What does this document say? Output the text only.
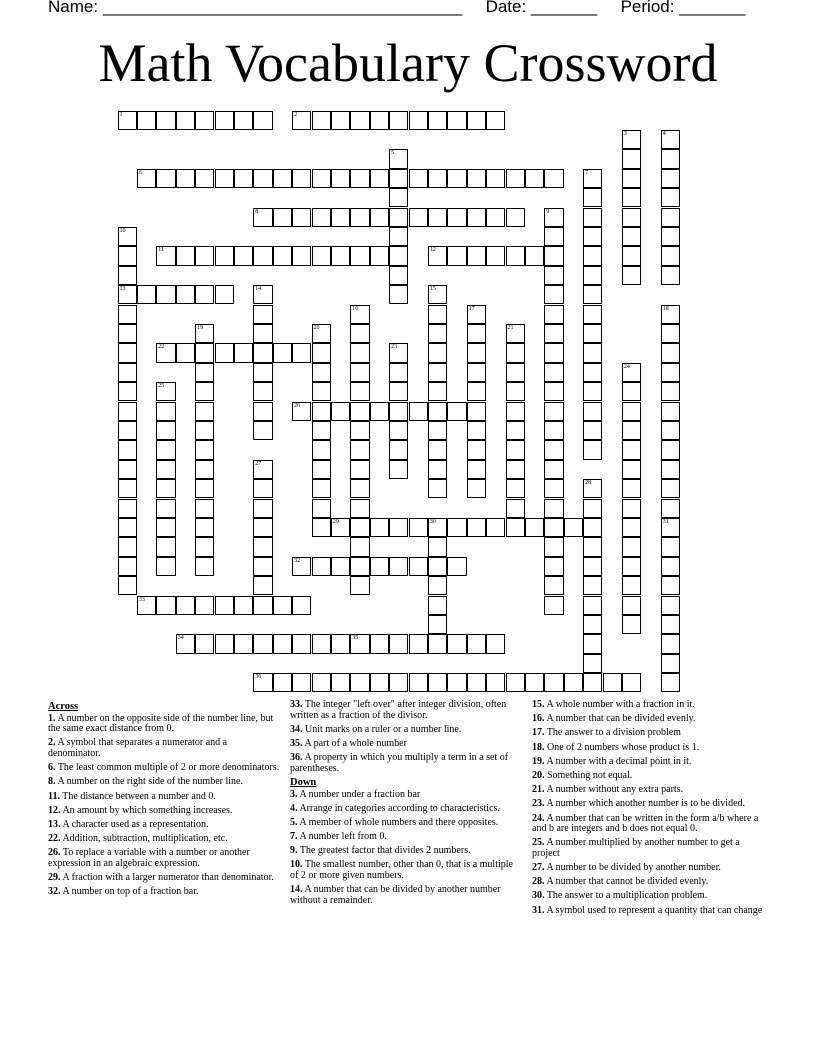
Name: ______________________________________ Date: _______ Period: _______
Math Vocabulary Crossword
1	2
6
8
11	12
13
22
26
29	30
32
33
34	35
36
3	4
5
7
9
10
14	15
16	17	18
31
19	20	21
23
24
25
27
28
Across
1. A number on the opposite side of the number line, but the same exact distance from 0.
2. A symbol that separates a numerator and a denominator.
6. The least common multiple of 2 or more denominators.
8. A number on the right side of the number line.
11. The distance between a number and 0.
12. An amount by which something increases.
13. A character used as a representation.
22. Addition, subtraction, multiplication, etc.
26. To replace a variable with a number or another expression in an algebraic expression.
29. A fraction with a larger numerator than denominator.
32. A number on top of a fraction bar.
33. The integer "left over" after integer division, often written as a fraction of the divisor.
34. Unit marks on a ruler or a number line.
35. A part of a whole number
36. A property in which you multiply a term in a set of parentheses.
Down
3. A number under a fraction bar
4. Arrange in categories according to characteristics.
5. A member of whole numbers and there opposites.
7. A number left from 0.
9. The greatest factor that divides 2 numbers.
10. The smallest number, other than 0, that is a multiple of 2 or more given numbers.
14. A number that can be divided by another number without a remainder.
15. A whole number with a fraction in it.
16. A number that can be divided evenly.
17. The answer to a division problem
18. One of 2 numbers whose product is 1.
19. A number with a decimal point in it.
20. Something not equal.
21. A number without any extra parts.
23. A number which another number is to be divided.
24. A number that can be written in the form a/b where a and b are integers and b does not equal 0.
25. A number multiplied by another number to get a project
27. A number to be divided by another number.
28. A number that cannot be divided evenly.
30. The answer to a multiplication problem.
31. A symbol used to represent a quantity that can change
